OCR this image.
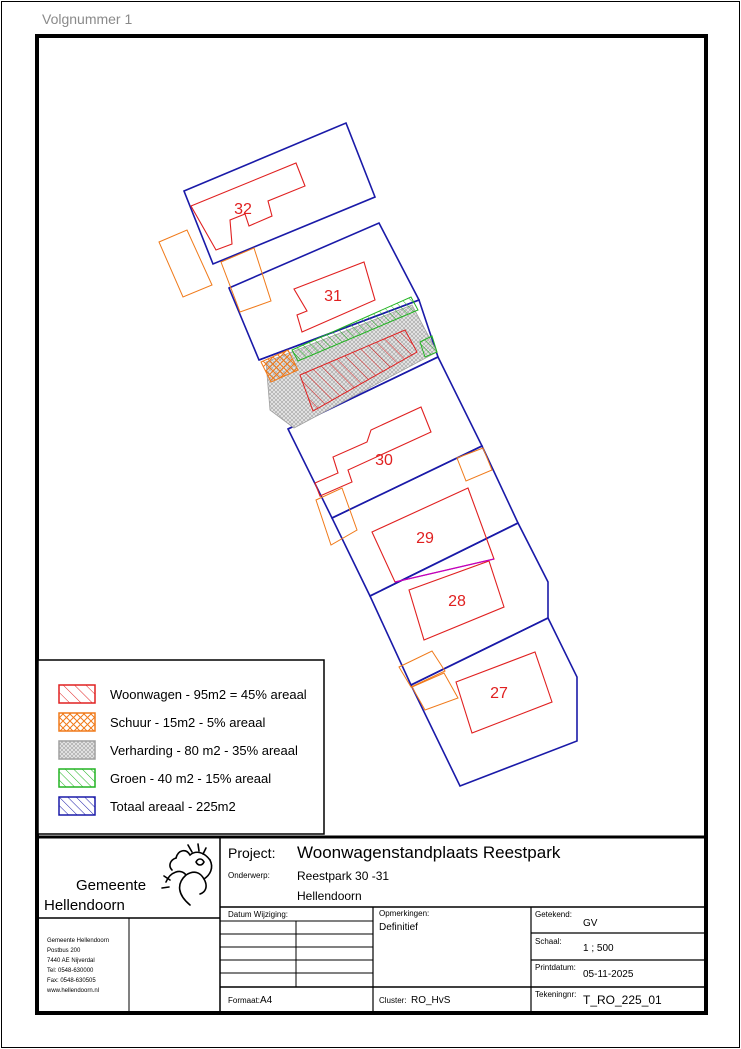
Volgnummer 1
32
31
30
29
28
27
Woonwagen - 95m2 = 45% areaal
Schuur - 15m2 - 5% areaal
Verharding - 80 m2 - 35% areaal
Groen - 40 m2 - 15% areaal
Totaal areaal - 225m2
Gemeente
Hellendoorn
Gemeente Hellendoorn
Postbus 200
7440 AE Nijverdal
Tel: 0548-630000
Fax: 0548-630505
www.hellendoorn.nl
Project: Woonwagenstandplaats Reestpark
Onderwerp: Reestpark 30 -31
Hellendoorn
Datum Wijziging:	Opmerkingen:
Definitief
Getekend:
GV
Schaal:
1 ; 500
Printdatum:
05-11-2025
Tekeningnr: T_RO_225_01
Formaat: A4	Cluster: RO_HvS
